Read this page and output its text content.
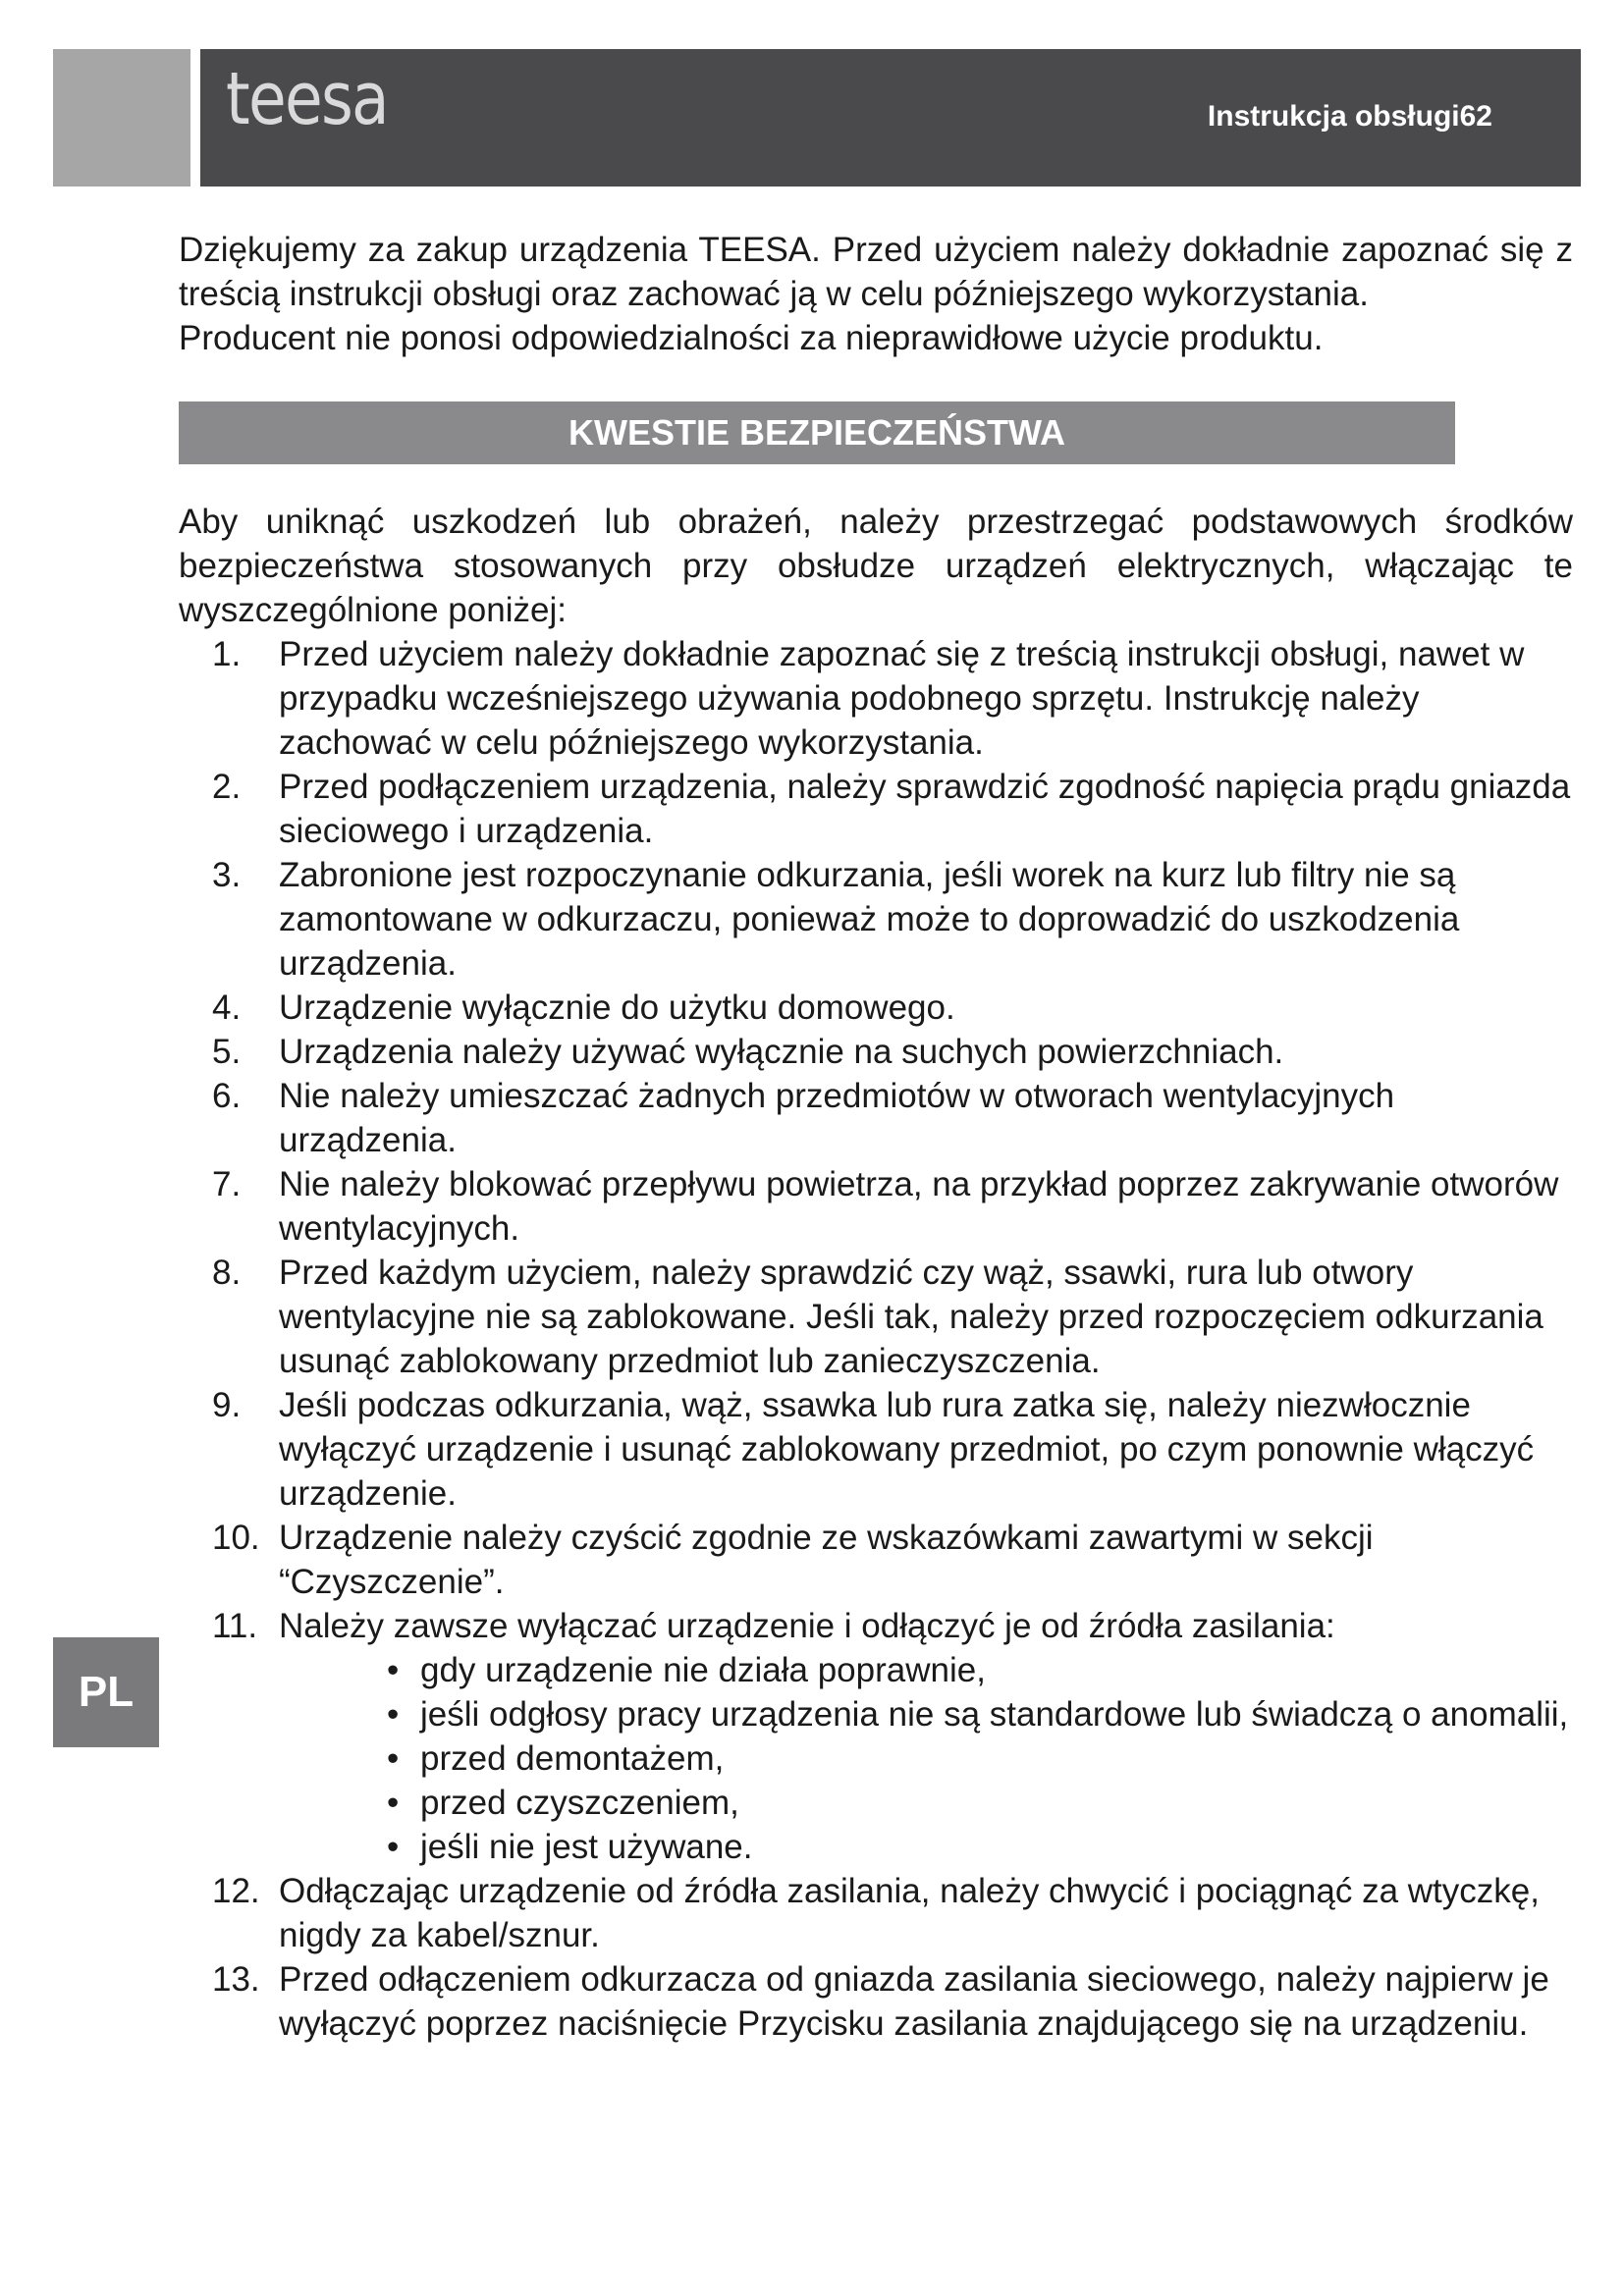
teesa	Instrukcja obsługi62

Dziękujemy za zakup urządzenia TEESA. Przed użyciem należy dokładnie zapoznać się z treścią instrukcji obsługi oraz zachować ją w celu późniejszego wykorzystania.

Producent nie ponosi odpowiedzialności za nieprawidłowe użycie produktu.

KWESTIE BEZPIECZEŃSTWA

Aby uniknąć uszkodzeń lub obrażeń, należy przestrzegać podstawowych środków bezpieczeństwa stosowanych przy obsłudze urządzeń elektrycznych, włączając te wyszczególnione poniżej:

1. Przed użyciem należy dokładnie zapoznać się z treścią instrukcji obsługi, nawet w przypadku wcześniejszego używania podobnego sprzętu. Instrukcję należy zachować w celu późniejszego wykorzystania.
2. Przed podłączeniem urządzenia, należy sprawdzić zgodność napięcia prądu gniazda sieciowego i urządzenia.
3. Zabronione jest rozpoczynanie odkurzania, jeśli worek na kurz lub filtry nie są zamontowane w odkurzaczu, ponieważ może to doprowadzić do uszkodzenia urządzenia.
4. Urządzenie wyłącznie do użytku domowego.
5. Urządzenia należy używać wyłącznie na suchych powierzchniach.
6. Nie należy umieszczać żadnych przedmiotów w otworach wentylacyjnych urządzenia.
7. Nie należy blokować przepływu powietrza, na przykład poprzez zakrywanie otworów wentylacyjnych.
8. Przed każdym użyciem, należy sprawdzić czy wąż, ssawki, rura lub otwory wentylacyjne nie są zablokowane. Jeśli tak, należy przed rozpoczęciem odkurzania usunąć zablokowany przedmiot lub zanieczyszczenia.
9. Jeśli podczas odkurzania, wąż, ssawka lub rura zatka się, należy niezwłocznie wyłączyć urządzenie i usunąć zablokowany przedmiot, po czym ponownie włączyć urządzenie.
10. Urządzenie należy czyścić zgodnie ze wskazówkami zawartymi w sekcji “Czyszczenie”.
11. Należy zawsze wyłączać urządzenie i odłączyć je od źródła zasilania:
• gdy urządzenie nie działa poprawnie,
• jeśli odgłosy pracy urządzenia nie są standardowe lub świadczą o anomalii,
• przed demontażem,
• przed czyszczeniem,
• jeśli nie jest używane.
12. Odłączając urządzenie od źródła zasilania, należy chwycić i pociągnąć za wtyczkę, nigdy za kabel/sznur.
13. Przed odłączeniem odkurzacza od gniazda zasilania sieciowego, należy najpierw je wyłączyć poprzez naciśnięcie Przycisku zasilania znajdującego się na urządzeniu.
PL
